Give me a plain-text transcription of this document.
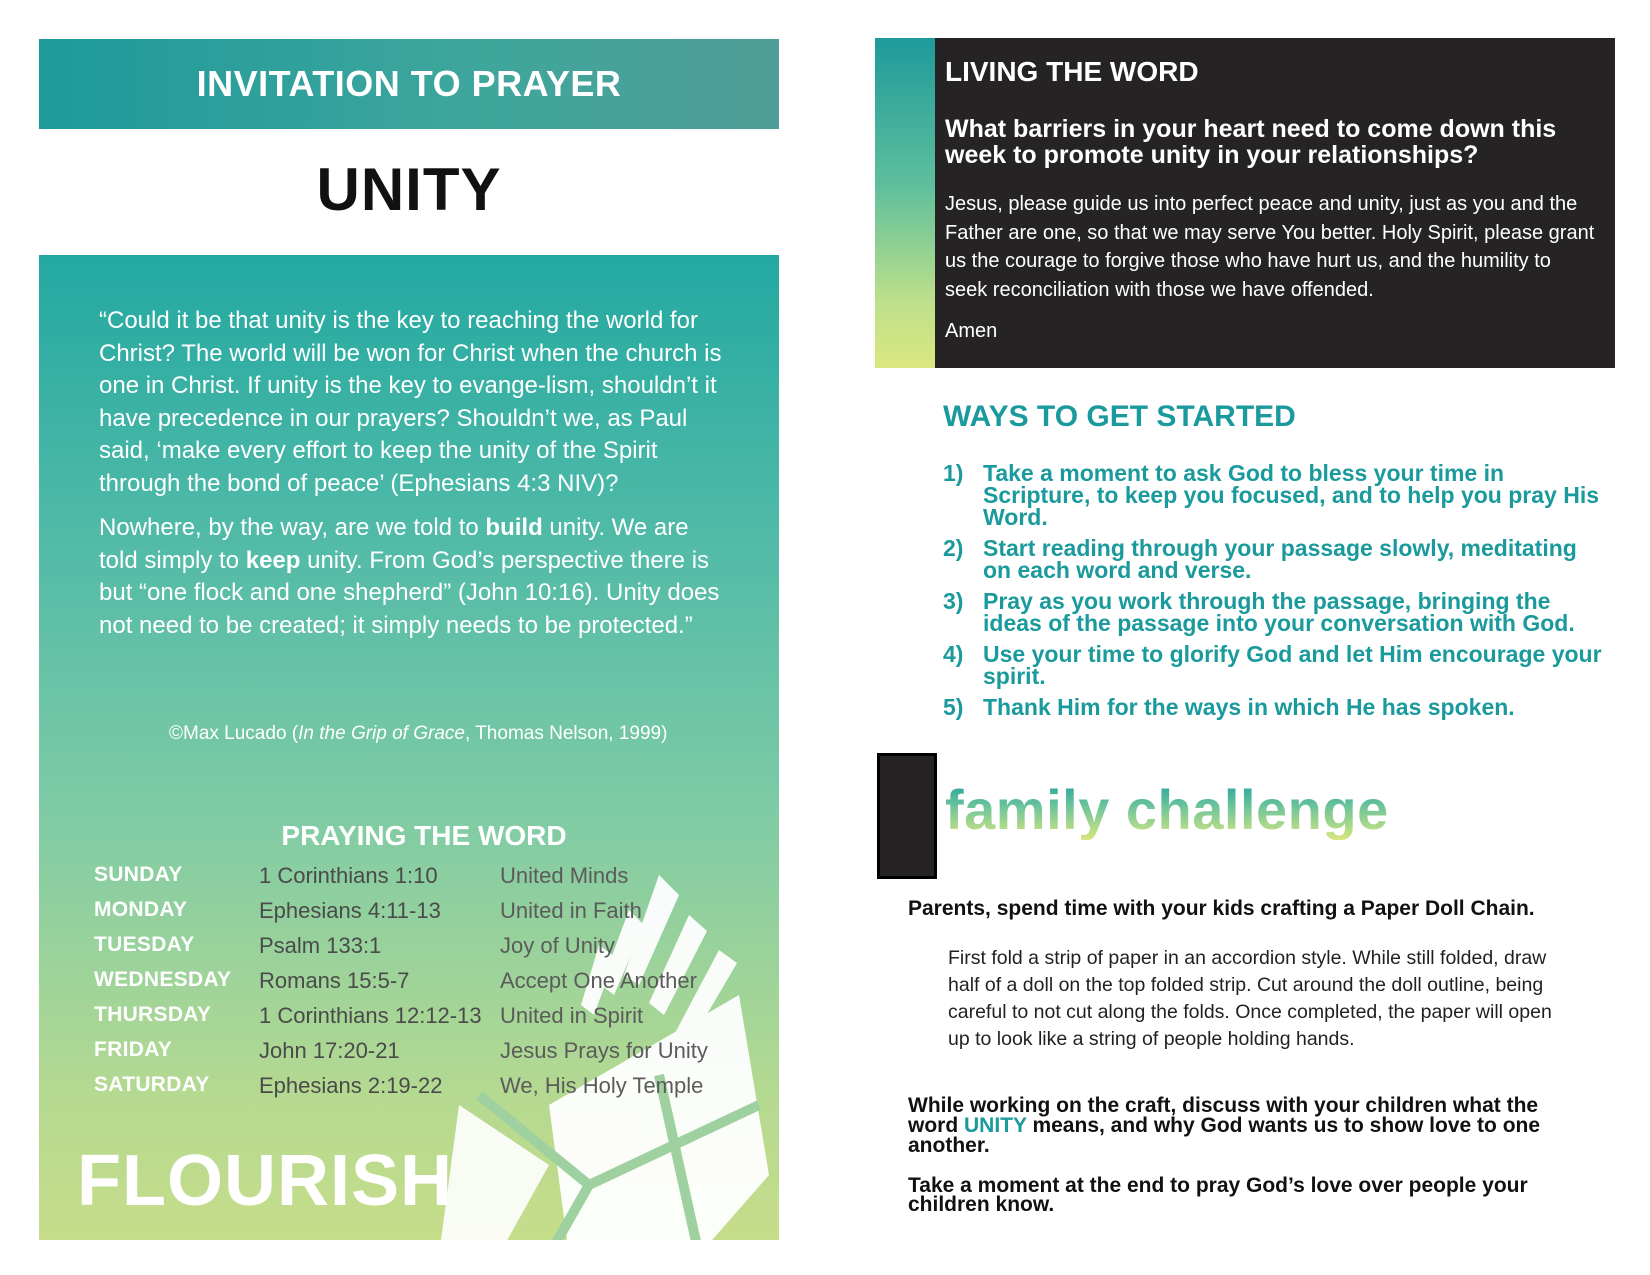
INVITATION TO PRAYER
UNITY

“Could it be that unity is the key to reaching the world for Christ? The world will be won for Christ when the church is one in Christ. If unity is the key to evange-lism, shouldn’t it have precedence in our prayers? Shouldn’t we, as Paul said, ‘make every effort to keep the unity of the Spirit through the bond of peace’ (Ephesians 4:3 NIV)?

Nowhere, by the way, are we told to build unity. We are told simply to keep unity. From God’s perspective there is but “one flock and one shepherd” (John 10:16). Unity does not need to be created; it simply needs to be protected.”

©Max Lucado (In the Grip of Grace, Thomas Nelson, 1999)
PRAYING THE WORD
SUNDAY	1 Corinthians 1:10	United Minds
MONDAY	Ephesians 4:11-13	United in Faith
TUESDAY	Psalm 133:1	Joy of Unity
WEDNESDAY Romans 15:5-7	Accept One Another
THURSDAY 1 Corinthians 12:12-13 United in Spirit
FRIDAY	John 17:20-21	Jesus Prays for Unity
SATURDAY Ephesians 2:19-22	We, His Holy Temple
FLOURISH
LIVING THE WORD
What barriers in your heart need to come down this week to promote unity in your relationships?
Jesus, please guide us into perfect peace and unity, just as you and the Father are one, so that we may serve You better. Holy Spirit, please grant us the courage to forgive those who have hurt us, and the humility to seek reconciliation with those we have offended.
Amen
WAYS TO GET STARTED
1) Take a moment to ask God to bless your time in Scripture, to keep you focused, and to help you pray His Word.
2) Start reading through your passage slowly, meditating on each word and verse.
3) Pray as you work through the passage, bringing the ideas of the passage into your conversation with God.
4) Use your time to glorify God and let Him encourage your spirit.
5) Thank Him for the ways in which He has spoken.
family challenge
Parents, spend time with your kids crafting a Paper Doll Chain.
First fold a strip of paper in an accordion style. While still folded, draw half of a doll on the top folded strip. Cut around the doll outline, being careful to not cut along the folds. Once completed, the paper will open up to look like a string of people holding hands.
While working on the craft, discuss with your children what the word UNITY means, and why God wants us to show love to one another.
Take a moment at the end to pray God’s love over people your children know.
